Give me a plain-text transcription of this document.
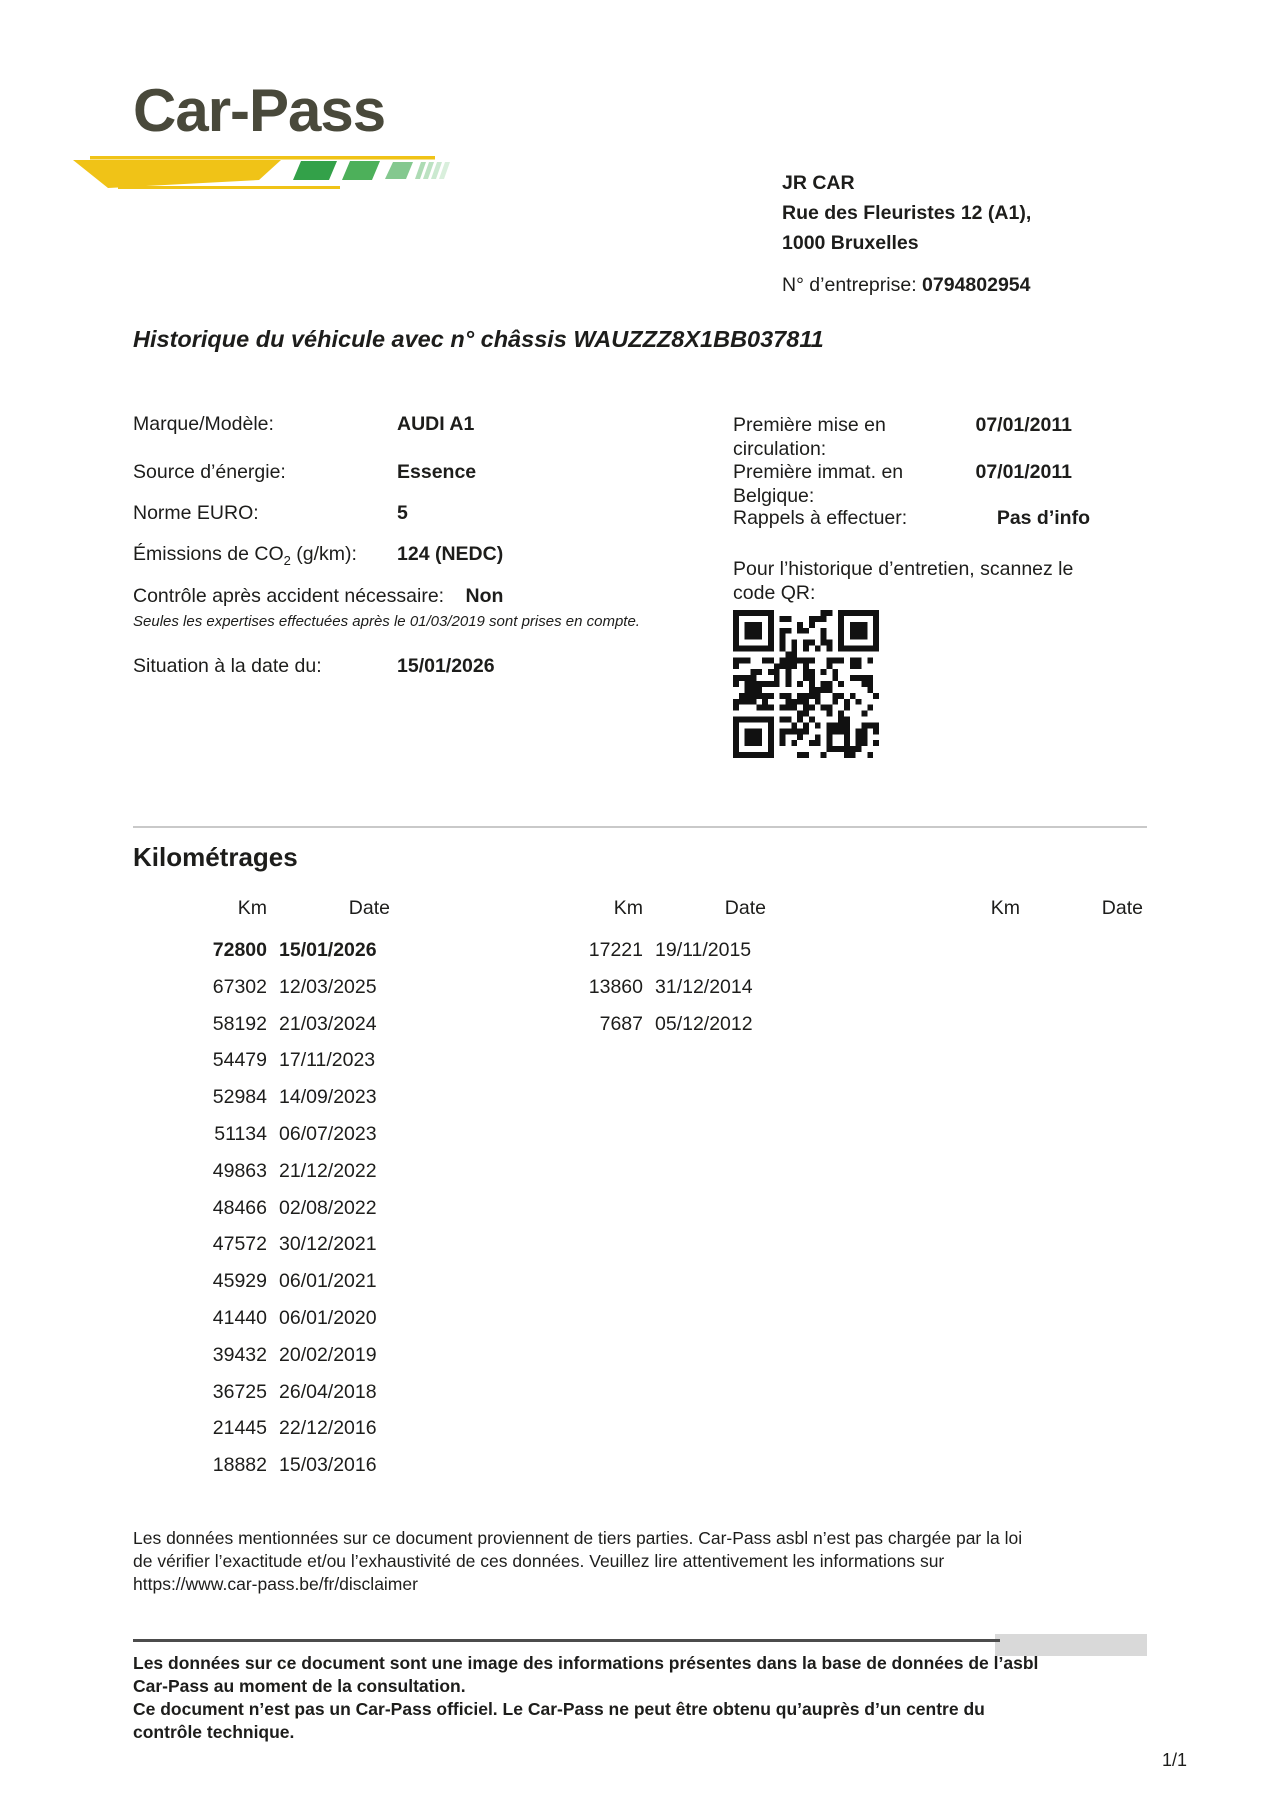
Car-Pass
JR CAR
Rue des Fleuristes 12 (A1),
1000 Bruxelles
N° d’entreprise: 0794802954
Historique du véhicule avec n° châssis WAUZZZ8X1BB037811
Marque/Modèle:	AUDI A1
Source d’énergie:	Essence
Norme EURO:	5
Émissions de $CO_2$ (g/km): 124 (NEDC)
Contrôle après accident nécessaire: Non
Seules les expertises effectuées après le 01/03/2019 sont prises en compte.
Situation à la date du:	15/01/2026
Première mise en circulation:
07/01/2011
Première immat. en Belgique:
07/01/2011
Rappels à effectuer:	Pas d’info
Pour l’historique d’entretien, scannez le code QR:
Kilométrages
Km	Date
72800 15/01/2026
67302 12/03/2025
58192 21/03/2024
54479 17/11/2023
52984 14/09/2023
51134 06/07/2023
49863 21/12/2022
48466 02/08/2022
47572 30/12/2021
45929 06/01/2021
41440 06/01/2020
39432 20/02/2019
36725 26/04/2018
21445 22/12/2016
18882 15/03/2016
Km	Date
17221 19/11/2015
13860 31/12/2014
7687 05/12/2012
Km	Date
Les données mentionnées sur ce document proviennent de tiers parties. Car-Pass asbl n’est pas chargée par la loi
de vérifier l’exactitude et/ou l’exhaustivité de ces données. Veuillez lire attentivement les informations sur
https://www.car-pass.be/fr/disclaimer
Les données sur ce document sont une image des informations présentes dans la base de données de l’asbl
Car-Pass au moment de la consultation.
Ce document n’est pas un Car-Pass officiel. Le Car-Pass ne peut être obtenu qu’auprès d’un centre du
contrôle technique.
1/1
